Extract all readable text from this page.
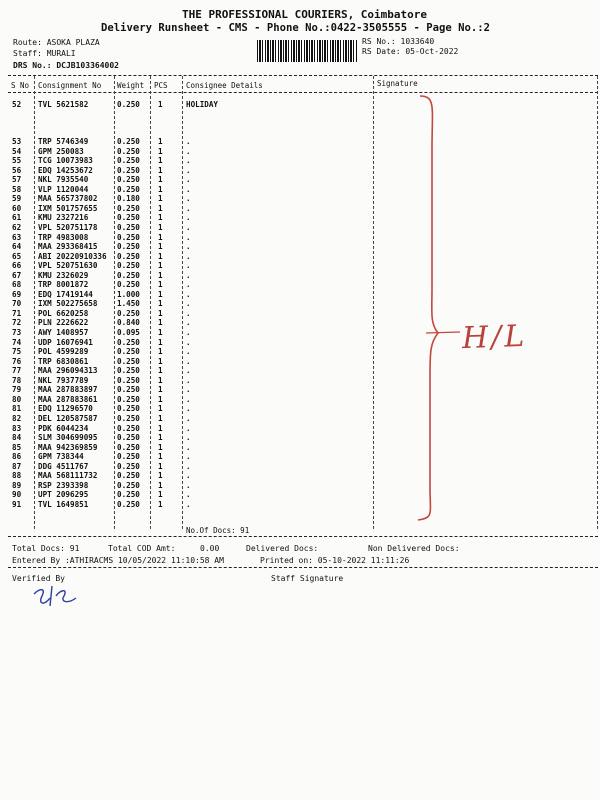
THE PROFESSIONAL COURIERS, Coimbatore
Delivery Runsheet - CMS - Phone No.:0422-3505555 - Page No.:2
Route: ASOKA PLAZA
Staff: MURALI
DRS No.: DCJB103364002
RS No.: 1033640
RS Date: 05-Oct-2022
S No Consignment No Weight PCS Consignee Details	Signature
52 TVL 5621582	0.250 1	HOLIDAY
53 TRP 5746349	0.250 1	.
54 GPM 250083	0.250 1	.
55 TCG 10073983	0.250 1	.
56 EDQ 14253672	0.250 1	.
57 NKL 7935540	0.250 1	.
58 VLP 1120044	0.250 1	.
59 MAA 565737802	0.180 1	.
60 IXM 501757655	0.250 1	.
61 KMU 2327216	0.250 1	.
62 VPL 520751178	0.250 1	.
63 TRP 4983008	0.250 1	.
64 MAA 293368415	0.250 1	.
65 ABI 20220910336 0.250 1	.
66 VPL 520751630	0.250 1	.
67 KMU 2326029	0.250 1	.
68 TRP 8001872	0.250 1	.
69 EDQ 17419144	1.000 1	.
70 IXM 502275658	1.450 1	.
71 POL 6620258	0.250 1	.
72 PLN 2226622	0.840 1	.
73 AWY 1408957	0.095 1	.
74 UDP 16076941	0.250 1	.
75 POL 4599289	0.250 1	.
76 TRP 6830861	0.250 1	.
77 MAA 296094313	0.250 1	.
78 NKL 7937789	0.250 1	.
79 MAA 287883897	0.250 1	.
80 MAA 287883861	0.250 1	.
81 EDQ 11296570	0.250 1	.
82 DEL 120587587	0.250 1	.
83 PDK 6044234	0.250 1	.
84 SLM 304699095	0.250 1	.
85 MAA 942369859	0.250 1	.
86 GPM 738344	0.250 1	.
87 DDG 4511767	0.250 1	.
88 MAA 568111732	0.250 1	.
89 RSP 2393398	0.250 1	.
90 UPT 2096295	0.250 1	.
91 TVL 1649851	0.250 1	.
No.Of Docs: 91
H/L
Total Docs: 91	Total COD Amt:	0.00	Delivered Docs:	Non Delivered Docs:
Entered By :ATHIRACMS 10/05/2022 11:10:58 AM	Printed on: 05-10-2022 11:11:26
Verified By	Staff Signature
